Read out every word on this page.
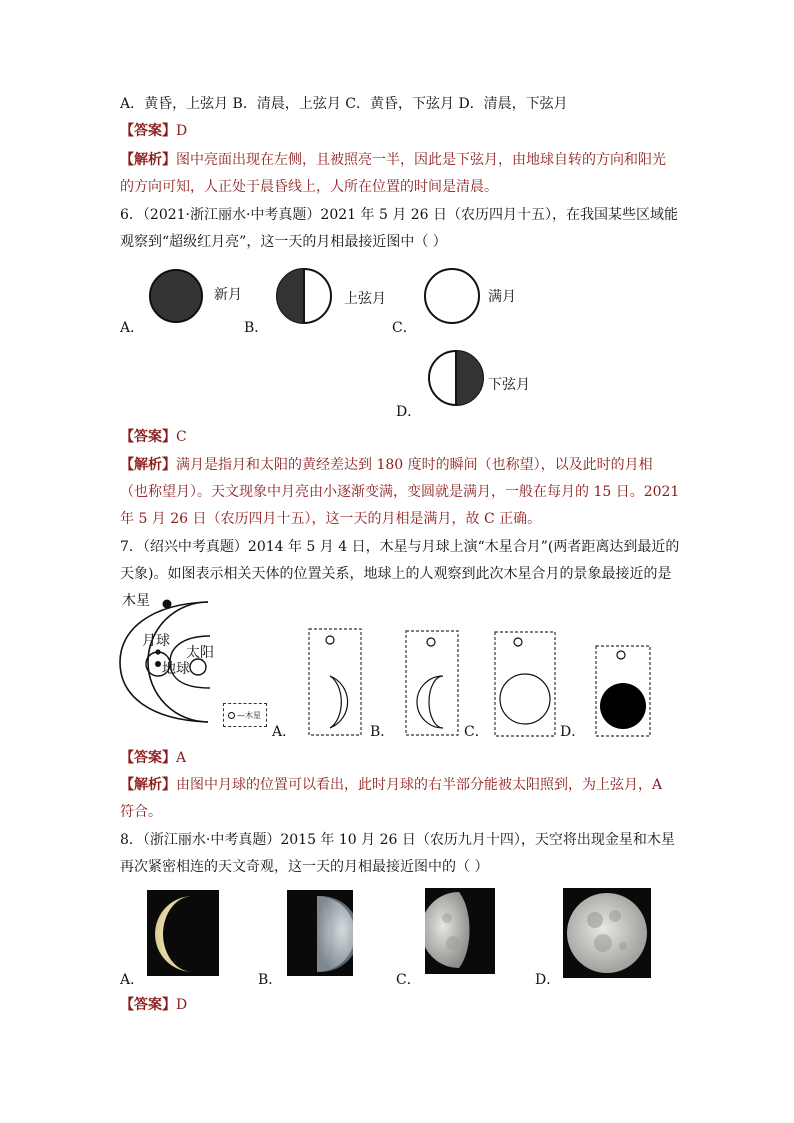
A．黄昏，上弦月 B．清晨，上弦月 C．黄昏，下弦月 D．清晨，下弦月
【答案】D
【解析】图中亮面出现在左侧，且被照亮一半，因此是下弦月，由地球自转的方向和阳光
的方向可知，人正处于晨昏线上，人所在位置的时间是清晨。
6．（2021·浙江丽水·中考真题）2021 年 5 月 26 日（农历四月十五），在我国某些区域能
观察到“超级红月亮”，这一天的月相最接近图中（ ）
新月
A．
上弦月
B．
满月
C．
下弦月
D．
【答案】C
【解析】满月是指月和太阳的黄经差达到 180 度时的瞬间（也称望），以及此时的月相
（也称望月）。天文现象中月亮由小逐渐变满，变圆就是满月，一般在每月的 15 日。2021
年 5 月 26 日（农历四月十五），这一天的月相是满月，故 C 正确。
7．（绍兴中考真题）2014 年 5 月 4 日，木星与月球上演“木星合月”(两者距离达到最近的
天象)。如图表示相关天体的位置关系，地球上的人观察到此次木星合月的景象最接近的是
木星
月球
太阳
地球
—木星
A．	B．	C．	D．
【答案】A
【解析】由图中月球的位置可以看出，此时月球的右半部分能被太阳照到，为上弦月，A
符合。
8．（浙江丽水·中考真题）2015 年 10 月 26 日（农历九月十四），天空将出现金星和木星
再次紧密相连的天文奇观，这一天的月相最接近图中的（ ）
A．	B．	C．	D．
【答案】D
